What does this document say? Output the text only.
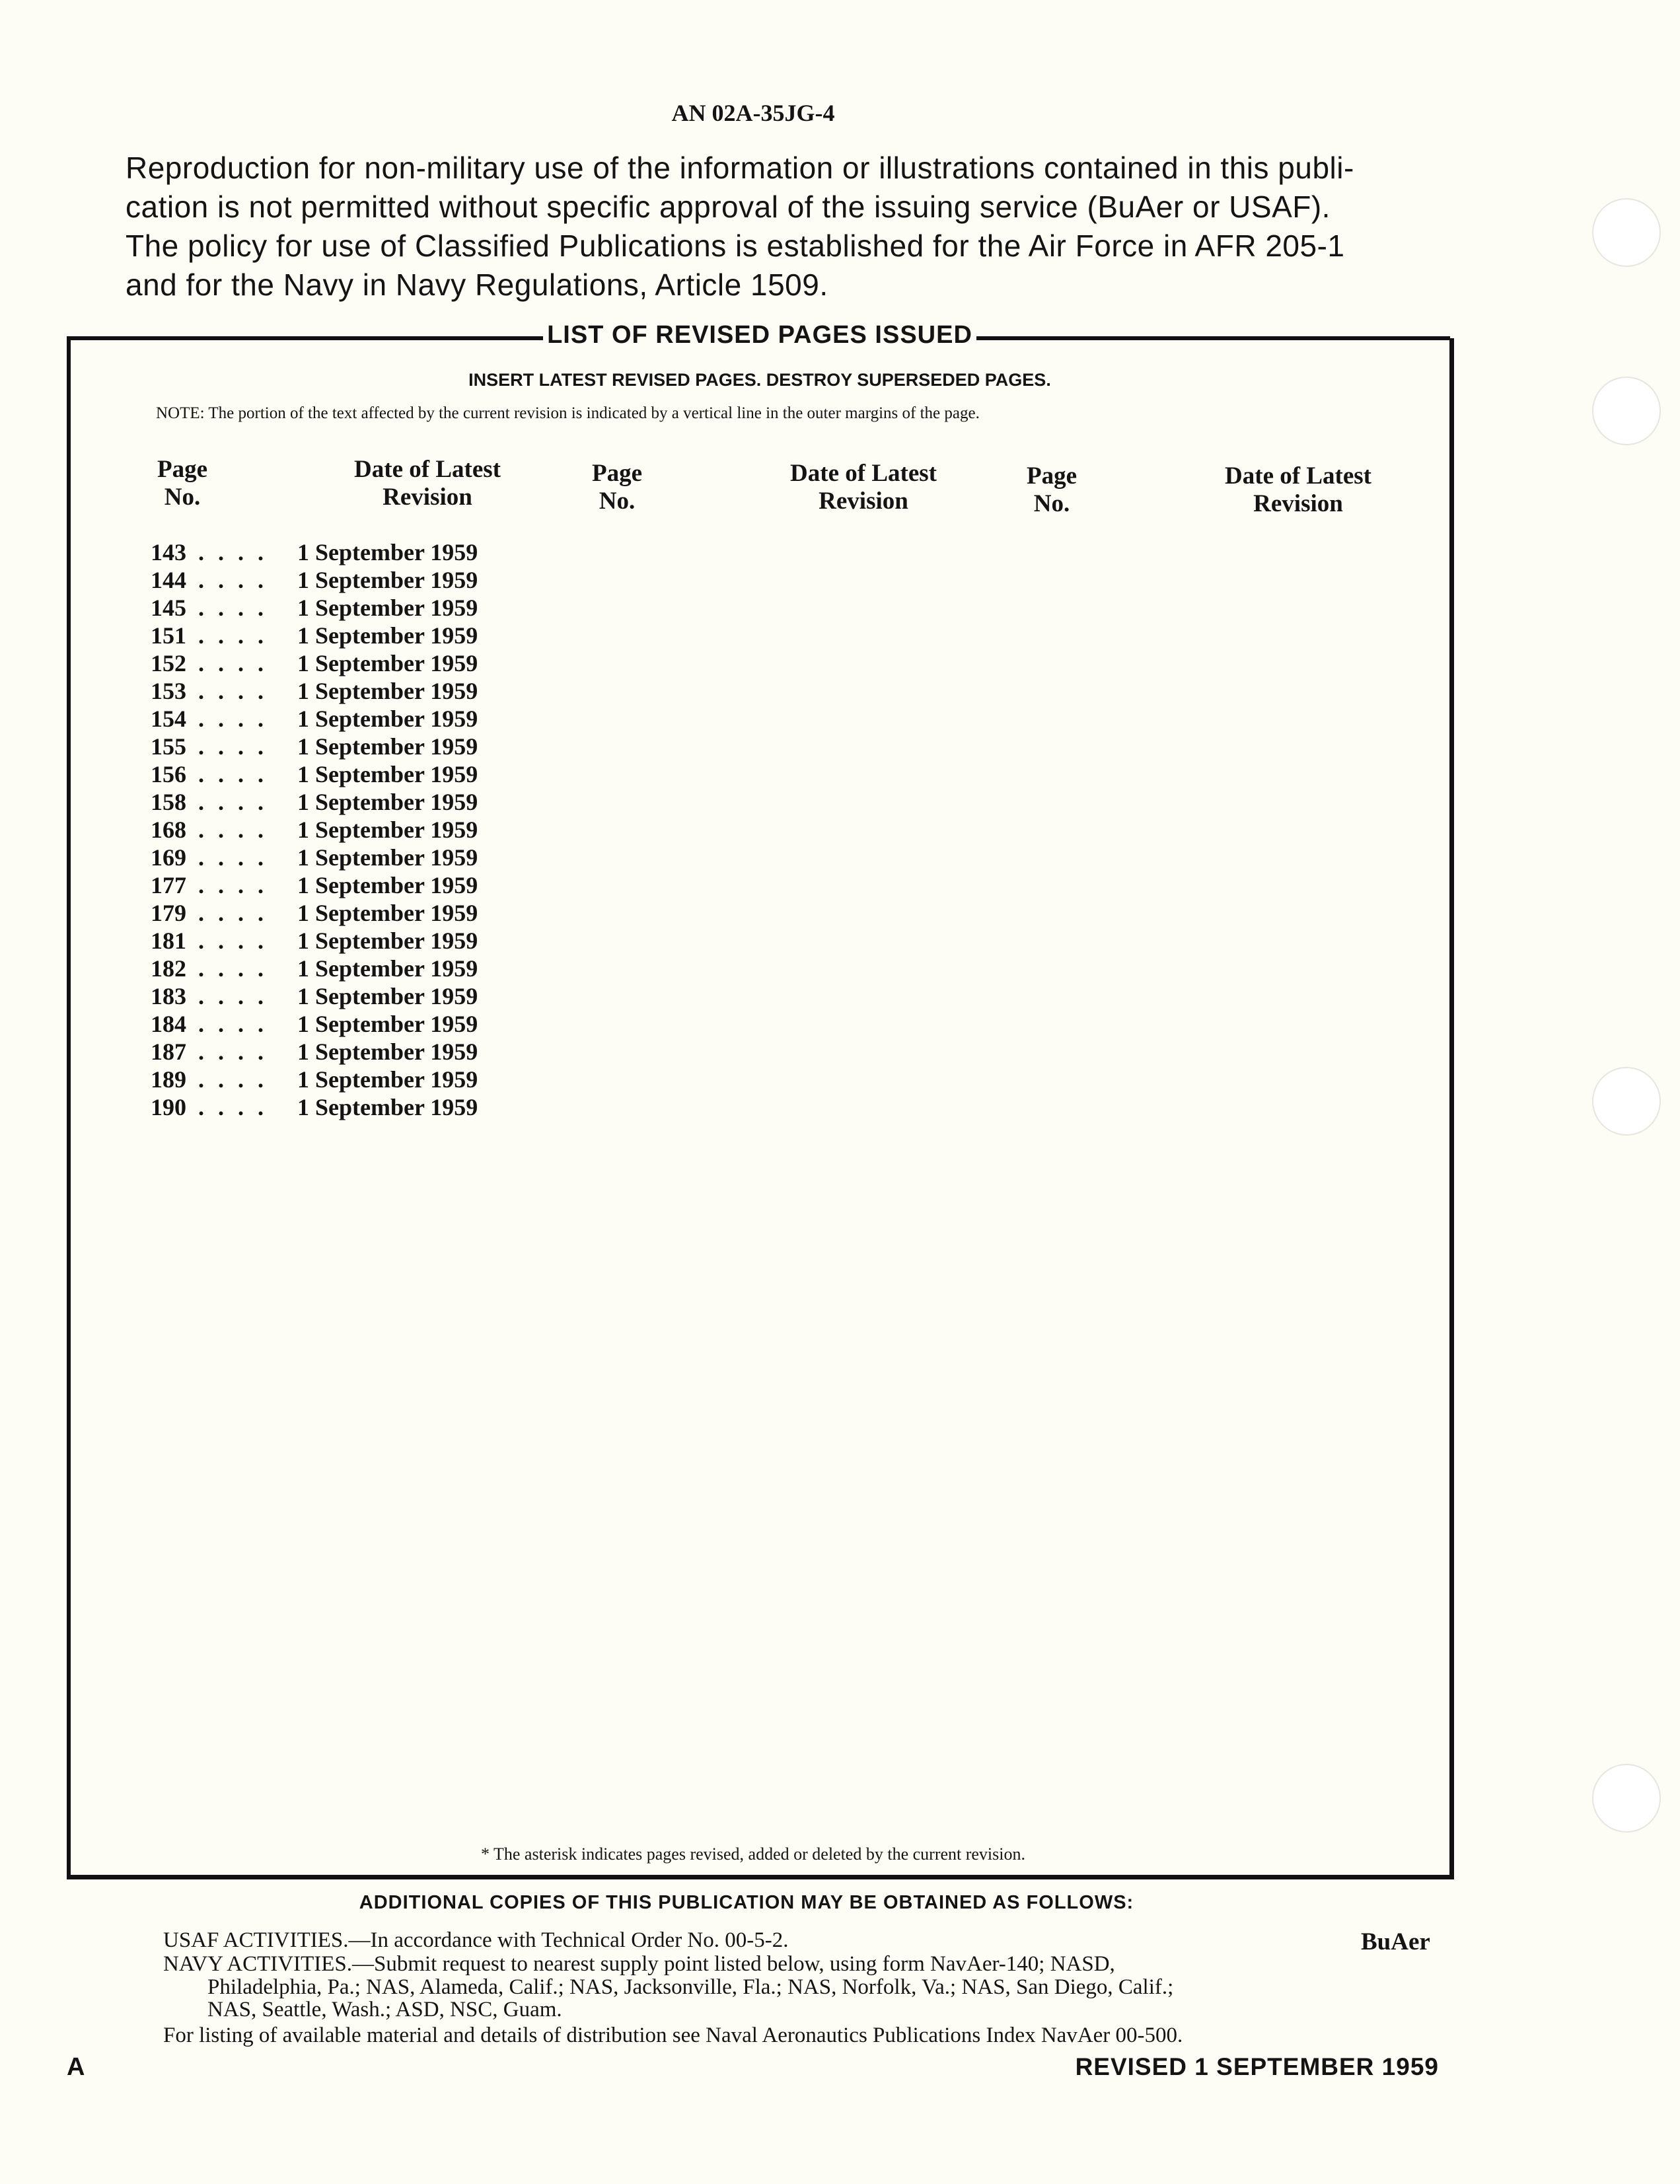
AN 02A-35JG-4
Reproduction for non-military use of the information or illustrations contained in this publi-
cation is not permitted without specific approval of the issuing service (BuAer or USAF).
The policy for use of Classified Publications is established for the Air Force in AFR 205-1
and for the Navy in Navy Regulations, Article 1509.
LIST OF REVISED PAGES ISSUED
INSERT LATEST REVISED PAGES. DESTROY SUPERSEDED PAGES.
NOTE: The portion of the text affected by the current revision is indicated by a vertical line in the outer margins of the page.
Page
No.
Date of Latest
Revision
Page
No.
Date of Latest
Revision
Page
No.
Date of Latest
Revision
143 . . . . 1 September 1959
144 . . . . 1 September 1959
145 . . . . 1 September 1959
151 . . . . 1 September 1959
152 . . . . 1 September 1959
153 . . . . 1 September 1959
154 . . . . 1 September 1959
155 . . . . 1 September 1959
156 . . . . 1 September 1959
158 . . . . 1 September 1959
168 . . . . 1 September 1959
169 . . . . 1 September 1959
177 . . . . 1 September 1959
179 . . . . 1 September 1959
181 . . . . 1 September 1959
182 . . . . 1 September 1959
183 . . . . 1 September 1959
184 . . . . 1 September 1959
187 . . . . 1 September 1959
189 . . . . 1 September 1959
190 . . . . 1 September 1959
* The asterisk indicates pages revised, added or deleted by the current revision.
ADDITIONAL COPIES OF THIS PUBLICATION MAY BE OBTAINED AS FOLLOWS:
USAF ACTIVITIES.—In accordance with Technical Order No. 00-5-2.
NAVY ACTIVITIES.—Submit request to nearest supply point listed below, using form NavAer-140; NASD,
Philadelphia, Pa.; NAS, Alameda, Calif.; NAS, Jacksonville, Fla.; NAS, Norfolk, Va.; NAS, San Diego, Calif.;
NAS, Seattle, Wash.; ASD, NSC, Guam.
For listing of available material and details of distribution see Naval Aeronautics Publications Index NavAer 00-500.
BuAer
A	REVISED 1 SEPTEMBER 1959
